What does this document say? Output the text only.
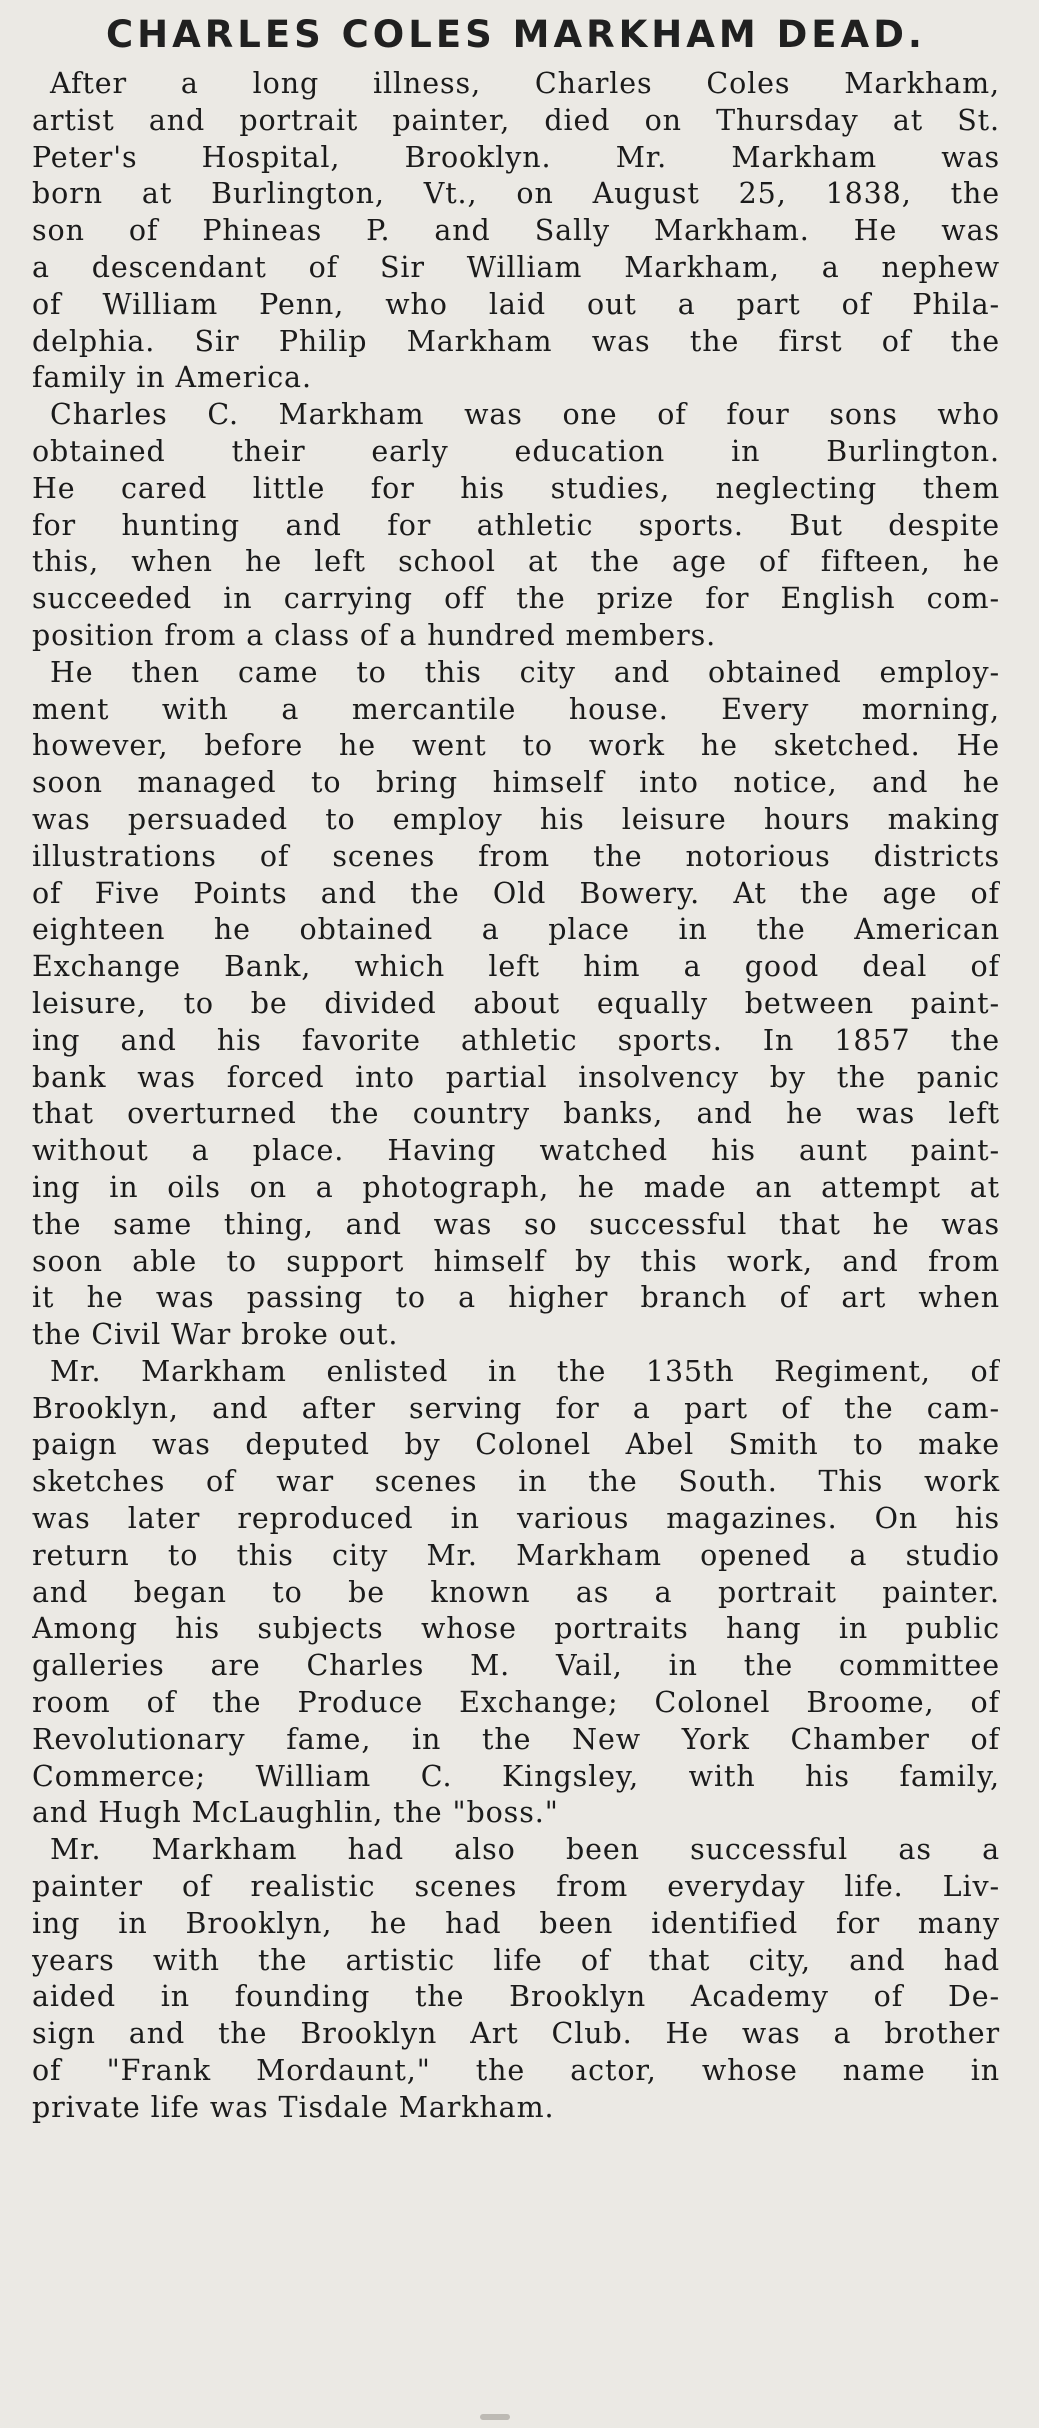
CHARLES COLES MARKHAM DEAD.
After a long illness, Charles Coles Markham,
artist and portrait painter, died on Thursday at St.
Peter's Hospital, Brooklyn. Mr. Markham was
born at Burlington, Vt., on August 25, 1838, the
son of Phineas P. and Sally Markham. He was
a descendant of Sir William Markham, a nephew
of William Penn, who laid out a part of Phila-
delphia. Sir Philip Markham was the first of the
family in America.
Charles C. Markham was one of four sons who
obtained their early education in Burlington.
He cared little for his studies, neglecting them
for hunting and for athletic sports. But despite
this, when he left school at the age of fifteen, he
succeeded in carrying off the prize for English com-
position from a class of a hundred members.
He then came to this city and obtained employ-
ment with a mercantile house. Every morning,
however, before he went to work he sketched. He
soon managed to bring himself into notice, and he
was persuaded to employ his leisure hours making
illustrations of scenes from the notorious districts
of Five Points and the Old Bowery. At the age of
eighteen he obtained a place in the American
Exchange Bank, which left him a good deal of
leisure, to be divided about equally between paint-
ing and his favorite athletic sports. In 1857 the
bank was forced into partial insolvency by the panic
that overturned the country banks, and he was left
without a place. Having watched his aunt paint-
ing in oils on a photograph, he made an attempt at
the same thing, and was so successful that he was
soon able to support himself by this work, and from
it he was passing to a higher branch of art when
the Civil War broke out.
Mr. Markham enlisted in the 135th Regiment, of
Brooklyn, and after serving for a part of the cam-
paign was deputed by Colonel Abel Smith to make
sketches of war scenes in the South. This work
was later reproduced in various magazines. On his
return to this city Mr. Markham opened a studio
and began to be known as a portrait painter.
Among his subjects whose portraits hang in public
galleries are Charles M. Vail, in the committee
room of the Produce Exchange; Colonel Broome, of
Revolutionary fame, in the New York Chamber of
Commerce; William C. Kingsley, with his family,
and Hugh McLaughlin, the "boss."
Mr. Markham had also been successful as a
painter of realistic scenes from everyday life. Liv-
ing in Brooklyn, he had been identified for many
years with the artistic life of that city, and had
aided in founding the Brooklyn Academy of De-
sign and the Brooklyn Art Club. He was a brother
of "Frank Mordaunt," the actor, whose name in
private life was Tisdale Markham.
